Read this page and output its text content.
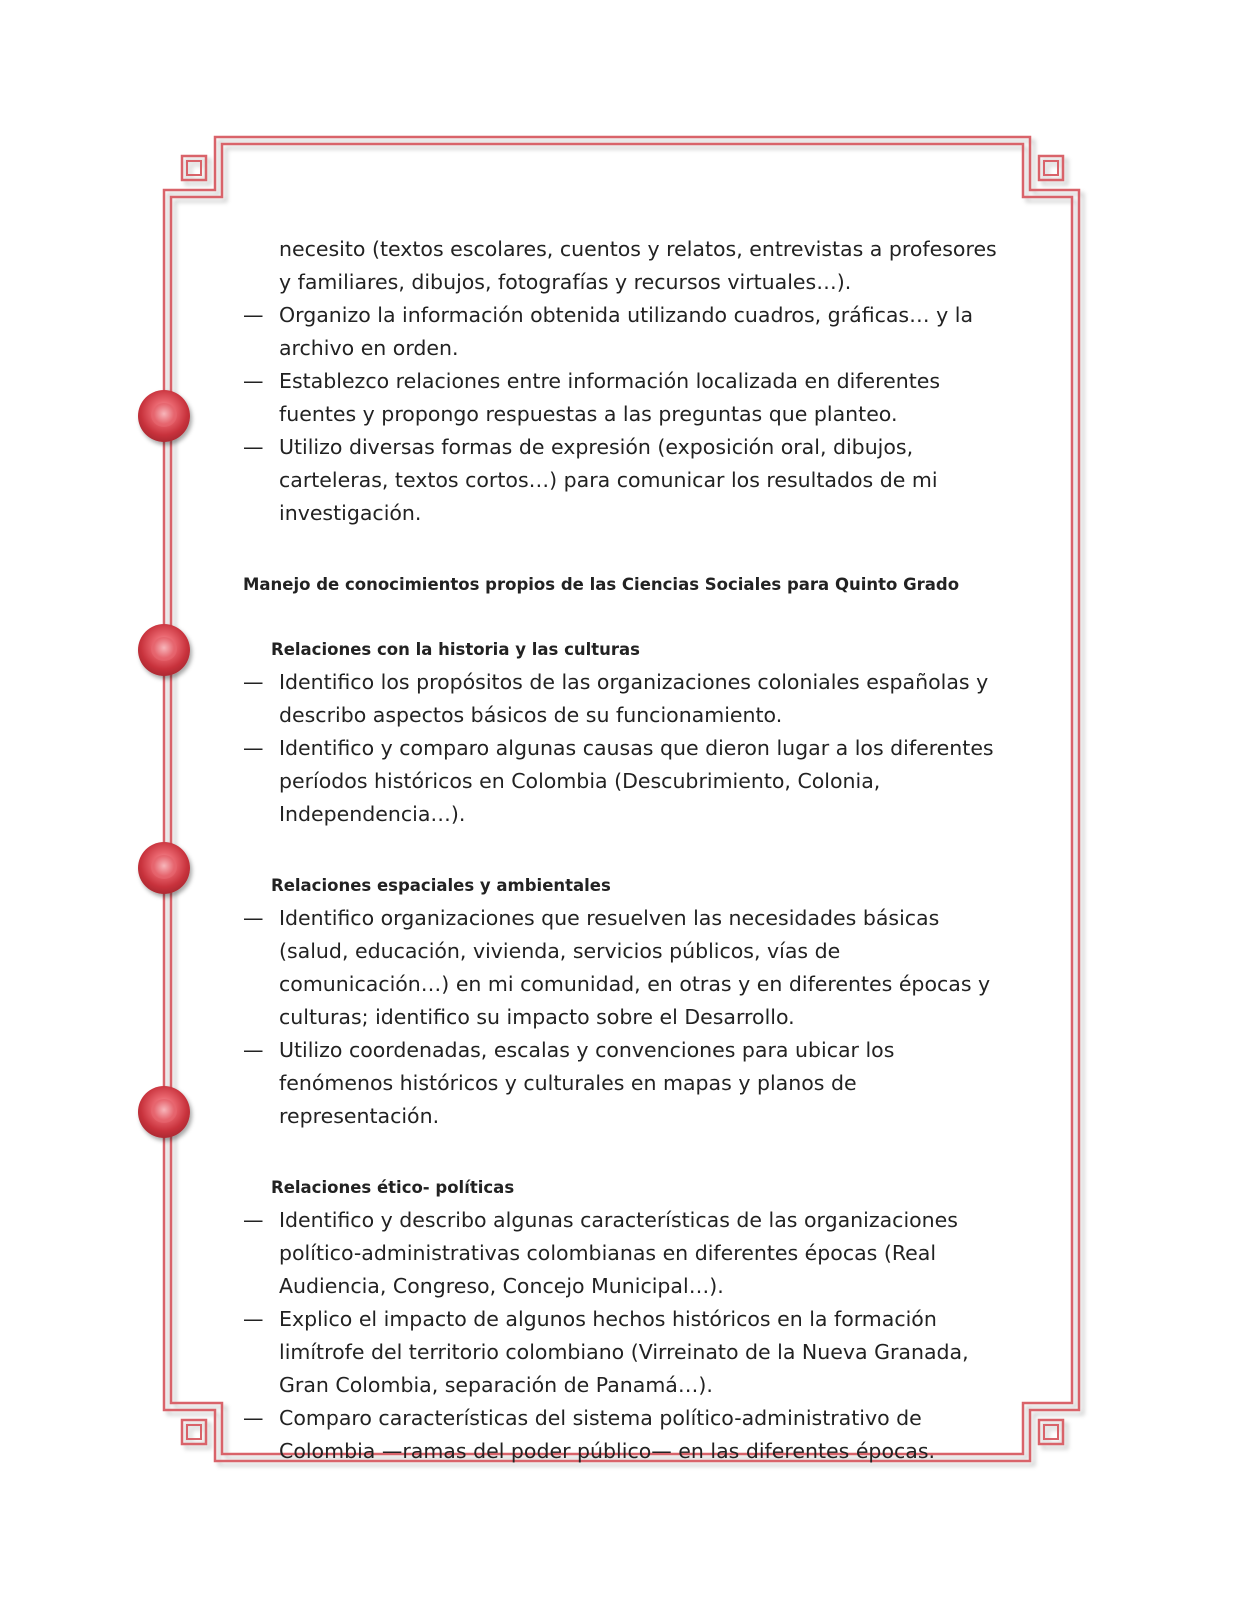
necesito (textos escolares, cuentos y relatos, entrevistas a profesores y familiares, dibujos, fotografías y recursos virtuales…).
— Organizo la información obtenida utilizando cuadros, gráficas… y la archivo en orden.
— Establezco relaciones entre información localizada en diferentes fuentes y propongo respuestas a las preguntas que planteo.
— Utilizo diversas formas de expresión (exposición oral, dibujos, carteleras, textos cortos…) para comunicar los resultados de mi investigación.
Manejo de conocimientos propios de las Ciencias Sociales para Quinto Grado
Relaciones con la historia y las culturas
— Identifico los propósitos de las organizaciones coloniales españolas y describo aspectos básicos de su funcionamiento.
— Identifico y comparo algunas causas que dieron lugar a los diferentes períodos históricos en Colombia (Descubrimiento, Colonia, Independencia…).
Relaciones espaciales y ambientales
— Identifico organizaciones que resuelven las necesidades básicas (salud, educación, vivienda, servicios públicos, vías de comunicación…) en mi comunidad, en otras y en diferentes épocas y culturas; identifico su impacto sobre el Desarrollo.
— Utilizo coordenadas, escalas y convenciones para ubicar los fenómenos históricos y culturales en mapas y planos de representación.
Relaciones ético- políticas
— Identifico y describo algunas características de las organizaciones político-administrativas colombianas en diferentes épocas (Real Audiencia, Congreso, Concejo Municipal…).
— Explico el impacto de algunos hechos históricos en la formación limítrofe del territorio colombiano (Virreinato de la Nueva Granada, Gran Colombia, separación de Panamá…).
— Comparo características del sistema político-administrativo de Colombia —ramas del poder público— en las diferentes épocas.
